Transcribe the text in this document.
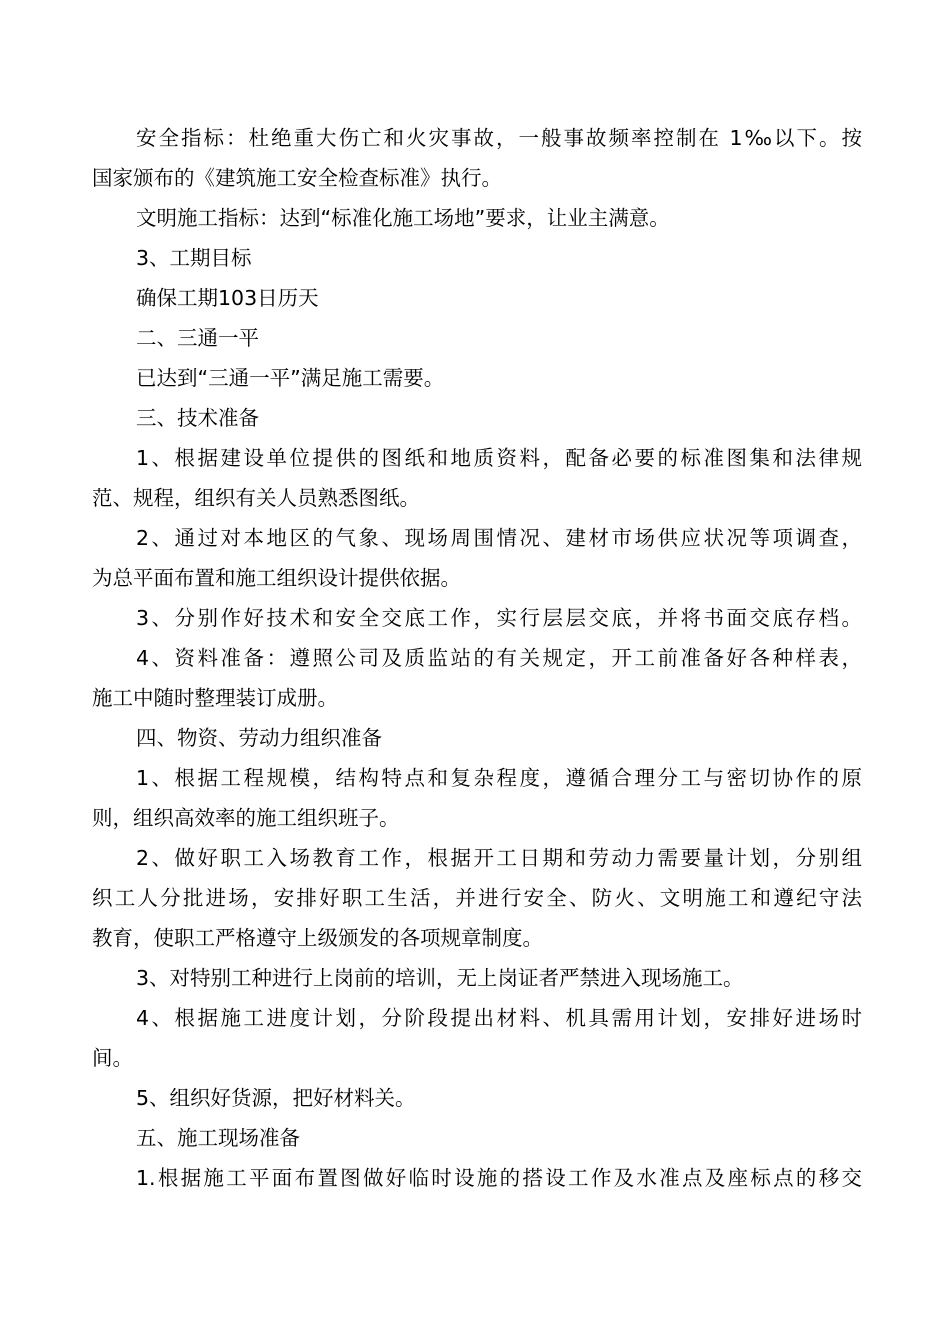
安全指标：杜绝重大伤亡和火灾事故，一般事故频率控制在 1‰以下。按
国家颁布的《建筑施工安全检查标准》执行。
文明施工指标：达到“标准化施工场地”要求，让业主满意。
3、工期目标
确保工期103日历天
二、三通一平
已达到“三通一平”满足施工需要。
三、技术准备
1、根据建设单位提供的图纸和地质资料，配备必要的标准图集和法律规
范、规程，组织有关人员熟悉图纸。
2、通过对本地区的气象、现场周围情况、建材市场供应状况等项调查，
为总平面布置和施工组织设计提供依据。
3、分别作好技术和安全交底工作，实行层层交底，并将书面交底存档。
4、资料准备：遵照公司及质监站的有关规定，开工前准备好各种样表，
施工中随时整理装订成册。
四、物资、劳动力组织准备
1、根据工程规模，结构特点和复杂程度，遵循合理分工与密切协作的原
则，组织高效率的施工组织班子。
2、做好职工入场教育工作，根据开工日期和劳动力需要量计划，分别组
织工人分批进场，安排好职工生活，并进行安全、防火、文明施工和遵纪守法
教育，使职工严格遵守上级颁发的各项规章制度。
3、对特别工种进行上岗前的培训，无上岗证者严禁进入现场施工。
4、根据施工进度计划，分阶段提出材料、机具需用计划，安排好进场时
间。
5、组织好货源，把好材料关。
五、施工现场准备
1.根据施工平面布置图做好临时设施的搭设工作及水准点及座标点的移交
